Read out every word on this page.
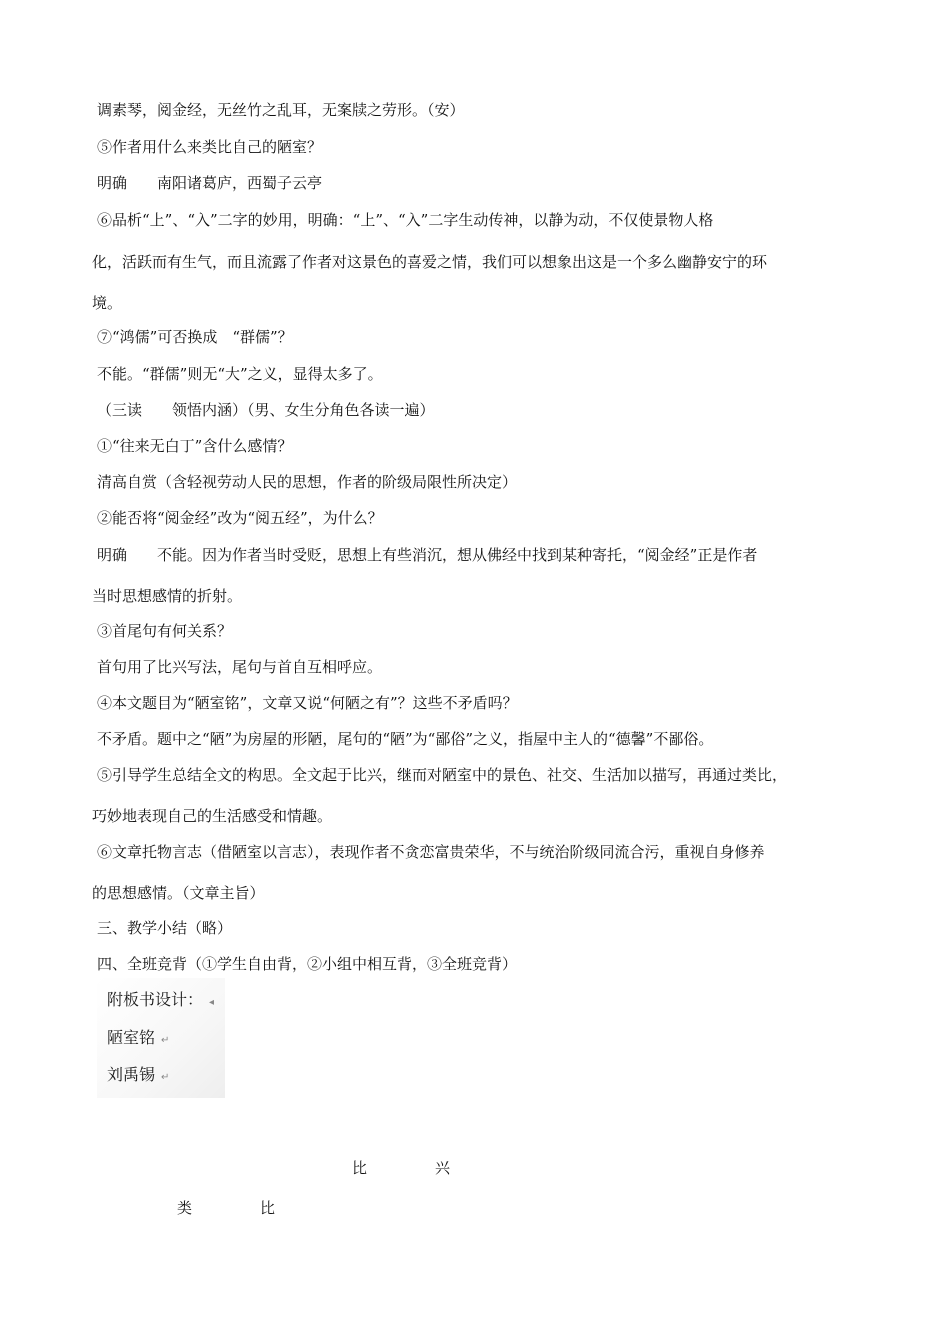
调素琴，阅金经，无丝竹之乱耳，无案牍之劳形。（安）
⑤作者用什么来类比自己的陋室？
明确　　南阳诸葛庐，西蜀子云亭
⑥品析“上”、“入”二字的妙用，明确：“上”、“入”二字生动传神，以静为动，不仅使景物人格
化，活跃而有生气，而且流露了作者对这景色的喜爱之情，我们可以想象出这是一个多么幽静安宁的环
境。
⑦“鸿儒”可否换成　“群儒”？
不能。“群儒”则无“大”之义，显得太多了。
（三读　　领悟内涵）（男、女生分角色各读一遍）
①“往来无白丁”含什么感情？
清高自赏（含轻视劳动人民的思想，作者的阶级局限性所决定）
②能否将“阅金经”改为“阅五经”，为什么？
明确　　不能。因为作者当时受贬，思想上有些消沉，想从佛经中找到某种寄托，“阅金经”正是作者
当时思想感情的折射。
③首尾句有何关系？
首句用了比兴写法，尾句与首自互相呼应。
④本文题目为“陋室铭”，文章又说“何陋之有”？这些不矛盾吗？
不矛盾。题中之“陋”为房屋的形陋，尾句的“陋”为“鄙俗”之义，指屋中主人的“德馨”不鄙俗。
⑤引导学生总结全文的构思。全文起于比兴，继而对陋室中的景色、社交、生活加以描写，再通过类比，
巧妙地表现自己的生活感受和情趣。
⑥文章托物言志（借陋室以言志），表现作者不贪恋富贵荣华，不与统治阶级同流合污，重视自身修养
的思想感情。（文章主旨）
三、教学小结（略）
四、全班竞背（①学生自由背，②小组中相互背，③全班竞背）
附板书设计： ◂
陋室铭 ↵
刘禹锡 ↵
比	兴
类	比
